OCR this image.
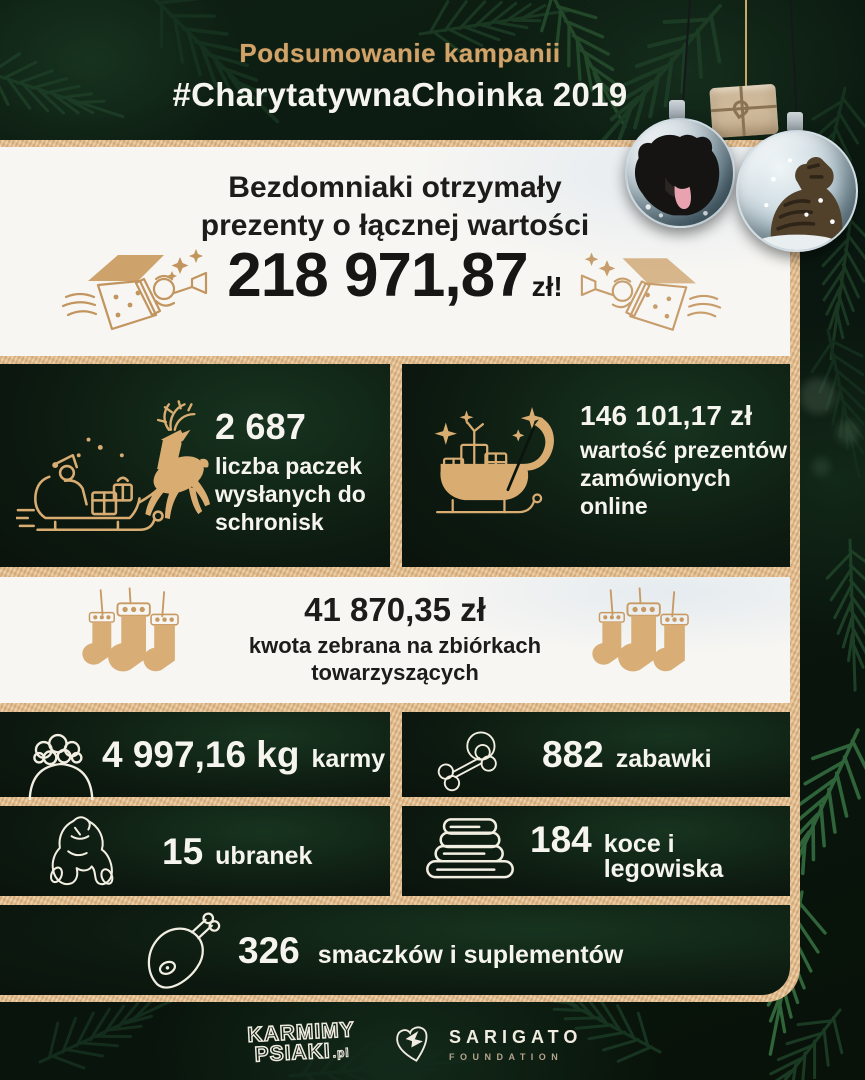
Podsumowanie kampanii
#CharytatywnaChoinka 2019
Bezdomniaki otrzymały
prezenty o łącznej wartości
218 971,87 zł!
2 687
liczba paczek wysłanych do schronisk
146 101,17 zł
wartość prezentów zamówionych online
41 870,35 zł
kwota zebrana na zbiórkach towarzyszących
4 997,16 kg karmy	882 zabawki
15 ubranek	184 koce i legowiska
326 smaczków i suplementów
KARMIMY
PSIAKI.pl
SARIGATO
FOUNDATION
